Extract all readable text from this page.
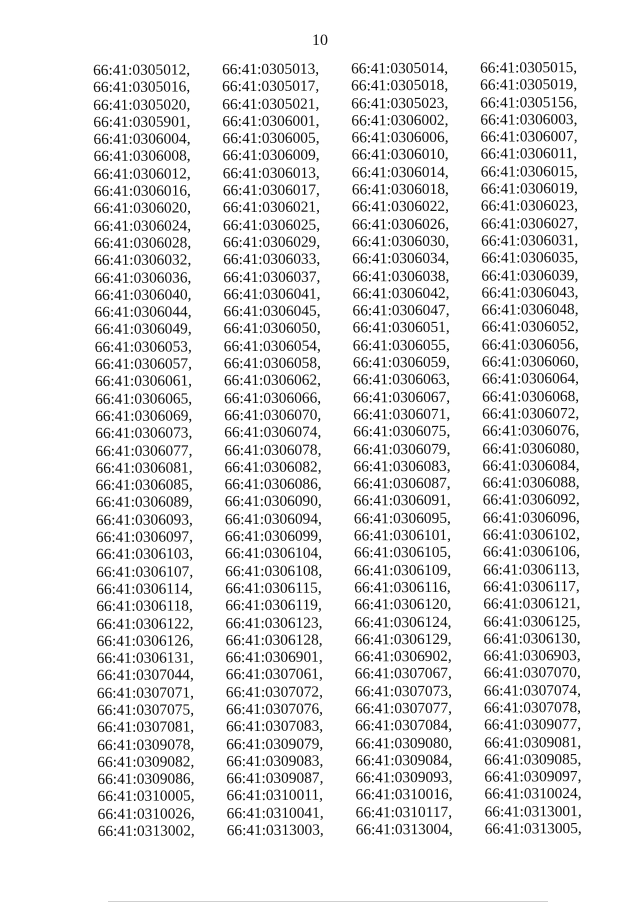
10
66:41:0305012,	66:41:0305013,	66:41:0305014,	66:41:0305015,
66:41:0305016,	66:41:0305017,	66:41:0305018,	66:41:0305019,
66:41:0305020,	66:41:0305021,	66:41:0305023,	66:41:0305156,
66:41:0305901,	66:41:0306001,	66:41:0306002,	66:41:0306003,
66:41:0306004,	66:41:0306005,	66:41:0306006,	66:41:0306007,
66:41:0306008,	66:41:0306009,	66:41:0306010,	66:41:0306011,
66:41:0306012,	66:41:0306013,	66:41:0306014,	66:41:0306015,
66:41:0306016,	66:41:0306017,	66:41:0306018,	66:41:0306019,
66:41:0306020,	66:41:0306021,	66:41:0306022,	66:41:0306023,
66:41:0306024,	66:41:0306025,	66:41:0306026,	66:41:0306027,
66:41:0306028,	66:41:0306029,	66:41:0306030,	66:41:0306031,
66:41:0306032,	66:41:0306033,	66:41:0306034,	66:41:0306035,
66:41:0306036,	66:41:0306037,	66:41:0306038,	66:41:0306039,
66:41:0306040,	66:41:0306041,	66:41:0306042,	66:41:0306043,
66:41:0306044,	66:41:0306045,	66:41:0306047,	66:41:0306048,
66:41:0306049,	66:41:0306050,	66:41:0306051,	66:41:0306052,
66:41:0306053,	66:41:0306054,	66:41:0306055,	66:41:0306056,
66:41:0306057,	66:41:0306058,	66:41:0306059,	66:41:0306060,
66:41:0306061,	66:41:0306062,	66:41:0306063,	66:41:0306064,
66:41:0306065,	66:41:0306066,	66:41:0306067,	66:41:0306068,
66:41:0306069,	66:41:0306070,	66:41:0306071,	66:41:0306072,
66:41:0306073,	66:41:0306074,	66:41:0306075,	66:41:0306076,
66:41:0306077,	66:41:0306078,	66:41:0306079,	66:41:0306080,
66:41:0306081,	66:41:0306082,	66:41:0306083,	66:41:0306084,
66:41:0306085,	66:41:0306086,	66:41:0306087,	66:41:0306088,
66:41:0306089,	66:41:0306090,	66:41:0306091,	66:41:0306092,
66:41:0306093,	66:41:0306094,	66:41:0306095,	66:41:0306096,
66:41:0306097,	66:41:0306099,	66:41:0306101,	66:41:0306102,
66:41:0306103,	66:41:0306104,	66:41:0306105,	66:41:0306106,
66:41:0306107,	66:41:0306108,	66:41:0306109,	66:41:0306113,
66:41:0306114,	66:41:0306115,	66:41:0306116,	66:41:0306117,
66:41:0306118,	66:41:0306119,	66:41:0306120,	66:41:0306121,
66:41:0306122,	66:41:0306123,	66:41:0306124,	66:41:0306125,
66:41:0306126,	66:41:0306128,	66:41:0306129,	66:41:0306130,
66:41:0306131,	66:41:0306901,	66:41:0306902,	66:41:0306903,
66:41:0307044,	66:41:0307061,	66:41:0307067,	66:41:0307070,
66:41:0307071,	66:41:0307072,	66:41:0307073,	66:41:0307074,
66:41:0307075,	66:41:0307076,	66:41:0307077,	66:41:0307078,
66:41:0307081,	66:41:0307083,	66:41:0307084,	66:41:0309077,
66:41:0309078,	66:41:0309079,	66:41:0309080,	66:41:0309081,
66:41:0309082,	66:41:0309083,	66:41:0309084,	66:41:0309085,
66:41:0309086,	66:41:0309087,	66:41:0309093,	66:41:0309097,
66:41:0310005,	66:41:0310011,	66:41:0310016,	66:41:0310024,
66:41:0310026,	66:41:0310041,	66:41:0310117,	66:41:0313001,
66:41:0313002,	66:41:0313003,	66:41:0313004,	66:41:0313005,
